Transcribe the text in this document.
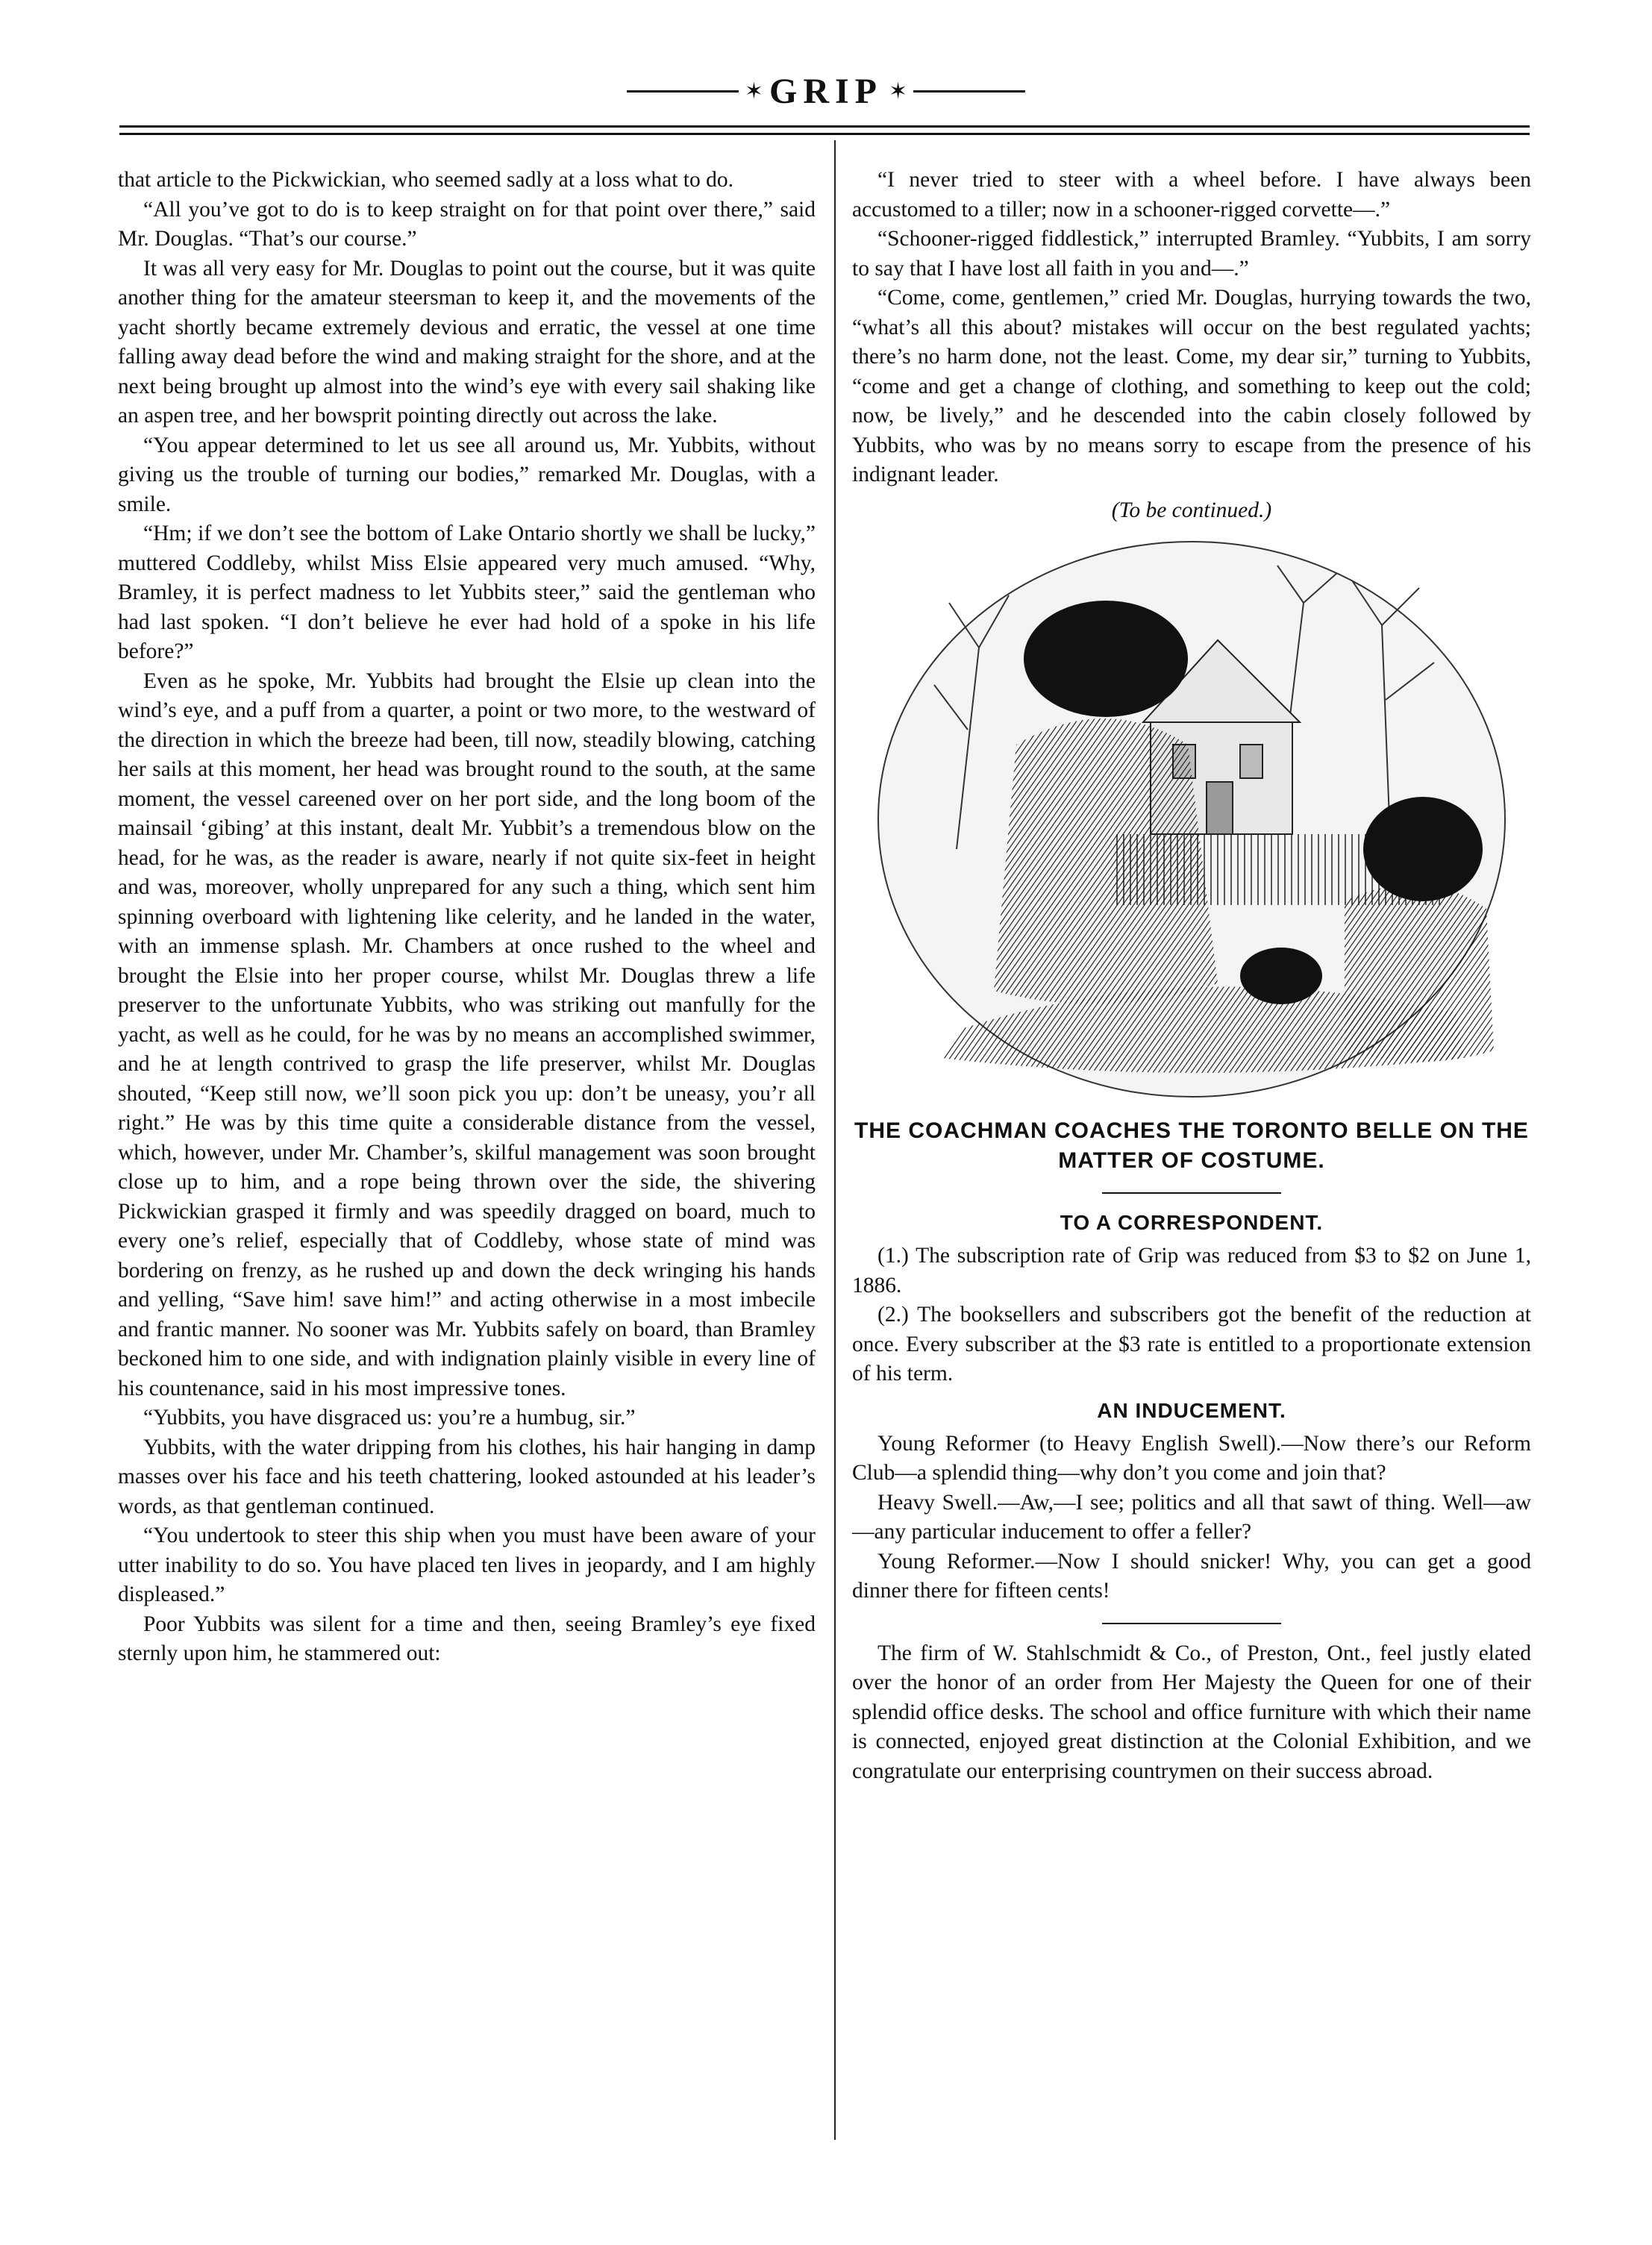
✶ GRIP ✶

that article to the Pickwickian, who seemed sadly at a loss what to do.

“All you’ve got to do is to keep straight on for that point over there,” said Mr. Douglas. “That’s our course.”

It was all very easy for Mr. Douglas to point out the course, but it was quite another thing for the amateur steersman to keep it, and the movements of the yacht shortly became extremely devious and erratic, the vessel at one time falling away dead before the wind and making straight for the shore, and at the next being brought up almost into the wind’s eye with every sail shaking like an aspen tree, and her bowsprit pointing directly out across the lake.

“You appear determined to let us see all around us, Mr. Yubbits, without giving us the trouble of turning our bodies,” remarked Mr. Douglas, with a smile.

“Hm; if we don’t see the bottom of Lake Ontario shortly we shall be lucky,” muttered Coddleby, whilst Miss Elsie appeared very much amused. “Why, Bramley, it is perfect madness to let Yubbits steer,” said the gentleman who had last spoken. “I don’t believe he ever had hold of a spoke in his life before?”

Even as he spoke, Mr. Yubbits had brought the Elsie up clean into the wind’s eye, and a puff from a quarter, a point or two more, to the westward of the direction in which the breeze had been, till now, steadily blowing, catching her sails at this moment, her head was brought round to the south, at the same moment, the vessel careened over on her port side, and the long boom of the mainsail ‘gibing’ at this instant, dealt Mr. Yubbit’s a tremendous blow on the head, for he was, as the reader is aware, nearly if not quite six-feet in height and was, moreover, wholly unprepared for any such a thing, which sent him spinning overboard with lightening like celerity, and he landed in the water, with an immense splash. Mr. Chambers at once rushed to the wheel and brought the Elsie into her proper course, whilst Mr. Douglas threw a life preserver to the unfortunate Yubbits, who was striking out manfully for the yacht, as well as he could, for he was by no means an accomplished swimmer, and he at length contrived to grasp the life preserver, whilst Mr. Douglas shouted, “Keep still now, we’ll soon pick you up: don’t be uneasy, you’r all right.” He was by this time quite a considerable distance from the vessel, which, however, under Mr. Chamber’s, skilful management was soon brought close up to him, and a rope being thrown over the side, the shivering Pickwickian grasped it firmly and was speedily dragged on board, much to every one’s relief, especially that of Coddleby, whose state of mind was bordering on frenzy, as he rushed up and down the deck wringing his hands and yelling, “Save him! save him!” and acting otherwise in a most imbecile and frantic manner. No sooner was Mr. Yubbits safely on board, than Bramley beckoned him to one side, and with indignation plainly visible in every line of his countenance, said in his most impressive tones.

“Yubbits, you have disgraced us: you’re a humbug, sir.”

Yubbits, with the water dripping from his clothes, his hair hanging in damp masses over his face and his teeth chattering, looked astounded at his leader’s words, as that gentleman continued.

“You undertook to steer this ship when you must have been aware of your utter inability to do so. You have placed ten lives in jeopardy, and I am highly displeased.”

Poor Yubbits was silent for a time and then, seeing Bramley’s eye fixed sternly upon him, he stammered out:

“I never tried to steer with a wheel before. I have always been accustomed to a tiller; now in a schooner-rigged corvette—.”

“Schooner-rigged fiddlestick,” interrupted Bramley. “Yubbits, I am sorry to say that I have lost all faith in you and—.”

“Come, come, gentlemen,” cried Mr. Douglas, hurrying towards the two, “what’s all this about? mistakes will occur on the best regulated yachts; there’s no harm done, not the least. Come, my dear sir,” turning to Yubbits, “come and get a change of clothing, and something to keep out the cold; now, be lively,” and he descended into the cabin closely followed by Yubbits, who was by no means sorry to escape from the presence of his indignant leader.

(To be continued.)
THE COACHMAN COACHES THE TORONTO BELLE ON THE MATTER OF COSTUME.
TO A CORRESPONDENT.

(1.) The subscription rate of Grip was reduced from $3 to $2 on June 1, 1886.

(2.) The booksellers and subscribers got the benefit of the reduction at once. Every subscriber at the $3 rate is entitled to a proportionate extension of his term.

AN INDUCEMENT.

Young Reformer (to Heavy English Swell).—Now there’s our Reform Club—a splendid thing—why don’t you come and join that?

Heavy Swell.—Aw,—I see; politics and all that sawt of thing. Well—aw—any particular inducement to offer a feller?

Young Reformer.—Now I should snicker! Why, you can get a good dinner there for fifteen cents!

The firm of W. Stahlschmidt & Co., of Preston, Ont., feel justly elated over the honor of an order from Her Majesty the Queen for one of their splendid office desks. The school and office furniture with which their name is connected, enjoyed great distinction at the Colonial Exhibition, and we congratulate our enterprising countrymen on their success abroad.
